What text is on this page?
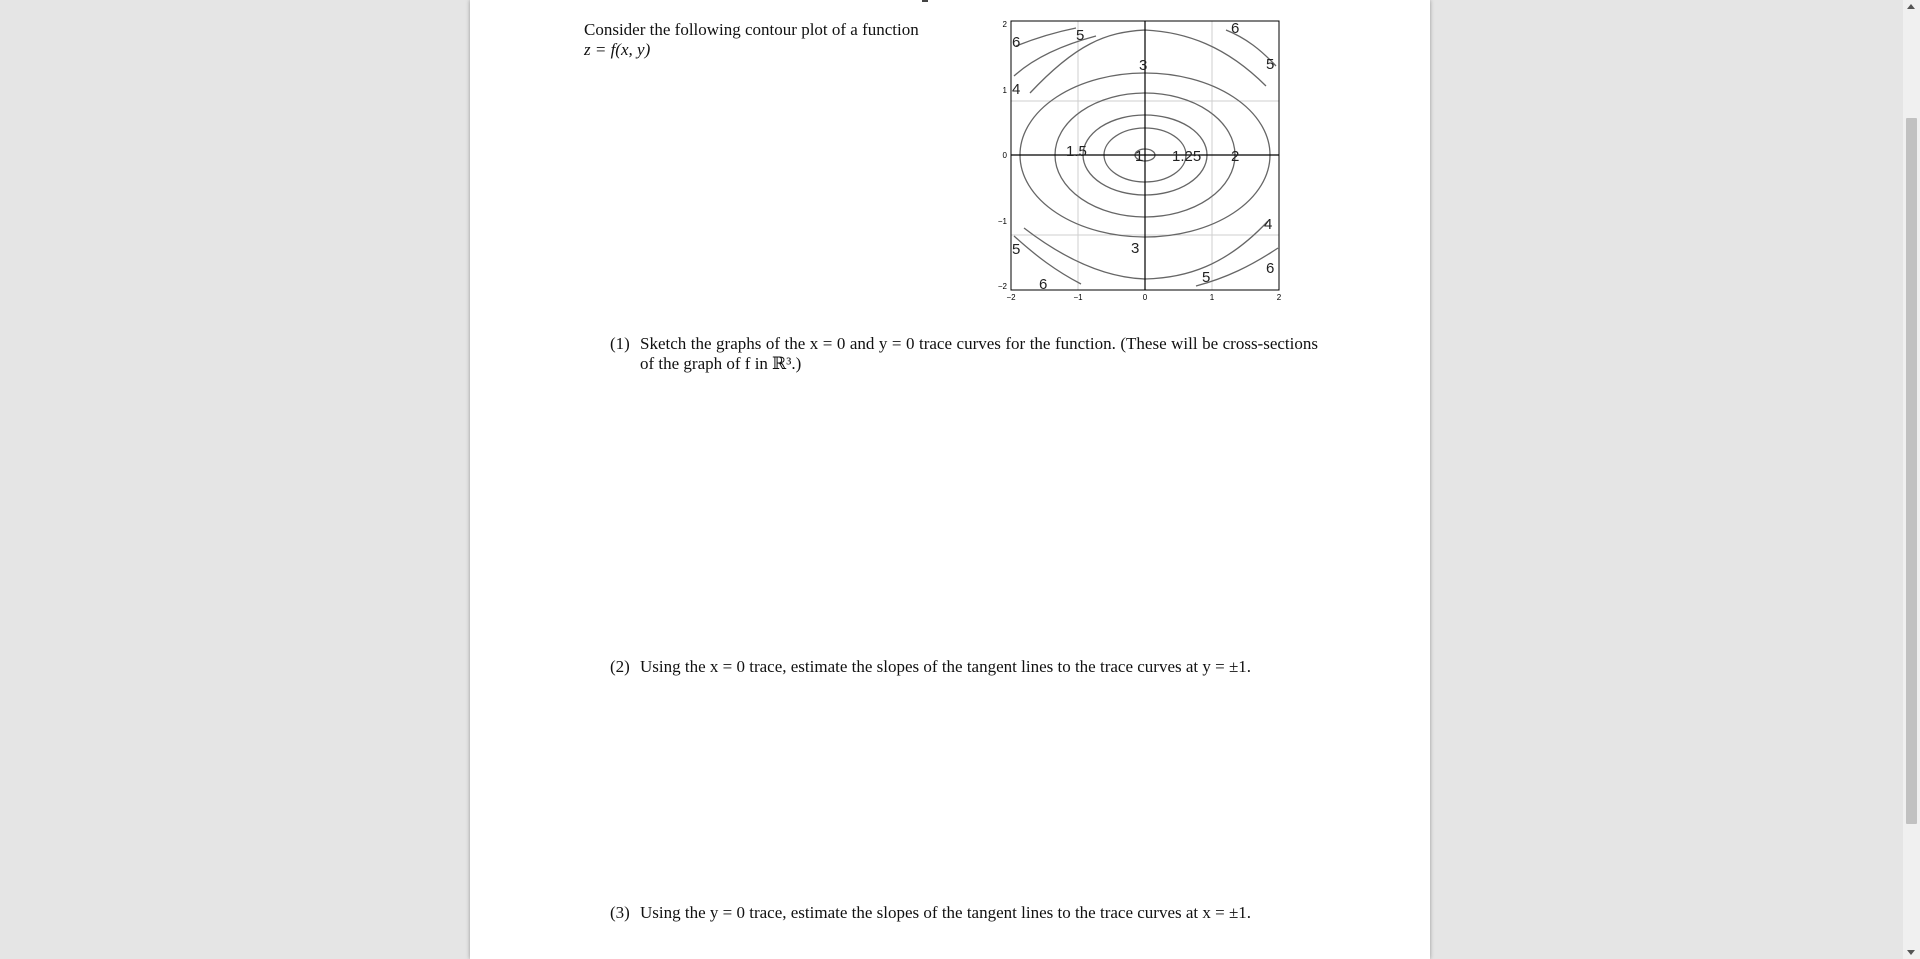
Consider the following contour plot of a function
z = f(x, y)
−2	−1	0	1	2
2
1
0
−1
−2
6	5	6
3	5
4
1.5	1 1.25 2
4
5	3
5
6
6
(1) Sketch the graphs of the x = 0 and y = 0 trace curves for the function. (These will be cross-sections of the graph of f in ℝ³.)
(2) Using the x = 0 trace, estimate the slopes of the tangent lines to the trace curves at y = ±1.
(3) Using the y = 0 trace, estimate the slopes of the tangent lines to the trace curves at x = ±1.
